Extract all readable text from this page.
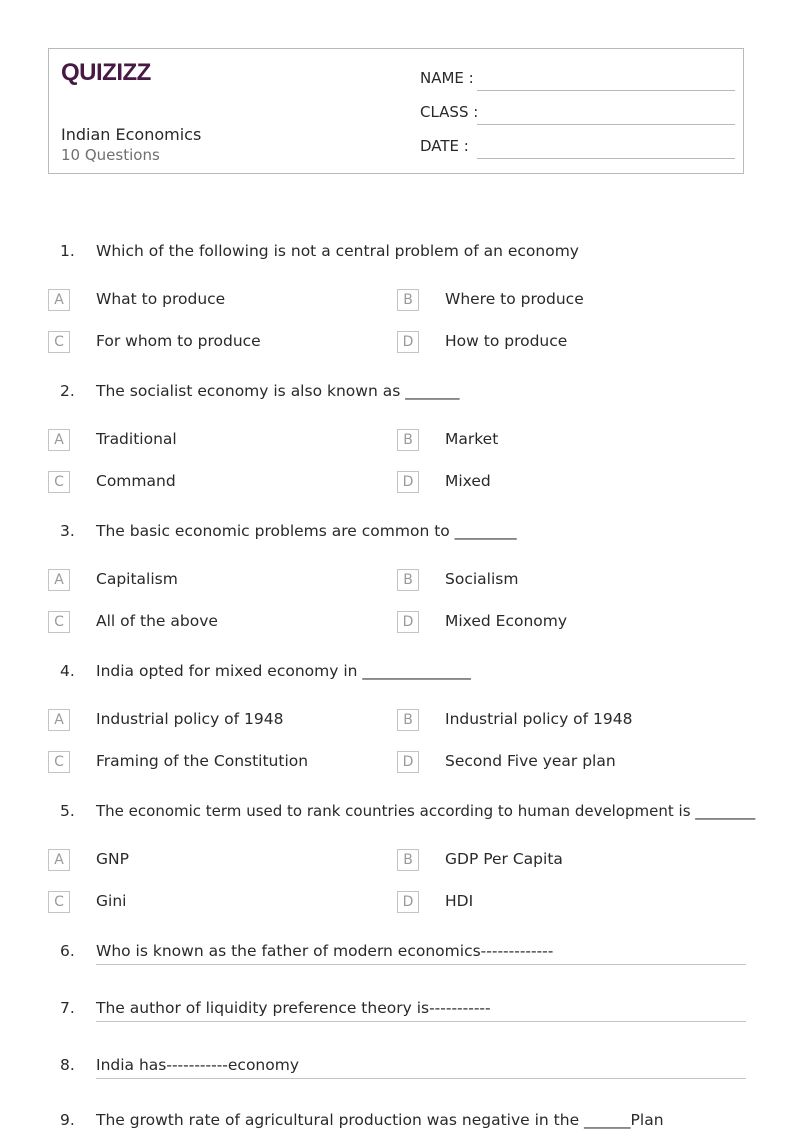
QUIZIZZ
Indian Economics
10 Questions
NAME :
CLASS :
DATE :
1. Which of the following is not a central problem of an economy
A	What to produce	B	Where to produce
C	For whom to produce	D	How to produce
2. The socialist economy is also known as _______
A	Traditional	B	Market
C	Command	D	Mixed
3. The basic economic problems are common to ________
A	Capitalism	B	Socialism
C	All of the above	D	Mixed Economy
4. India opted for mixed economy in ______________
A	Industrial policy of 1948	B	Industrial policy of 1948
C	Framing of the Constitution	D	Second Five year plan
5. The economic term used to rank countries according to human development is ________
A	GNP	B	GDP Per Capita
C	Gini	D	HDI
6. Who is known as the father of modern economics-------------
7. The author of liquidity preference theory is-----------
8. India has-----------economy
9. The growth rate of agricultural production was negative in the ______Plan
